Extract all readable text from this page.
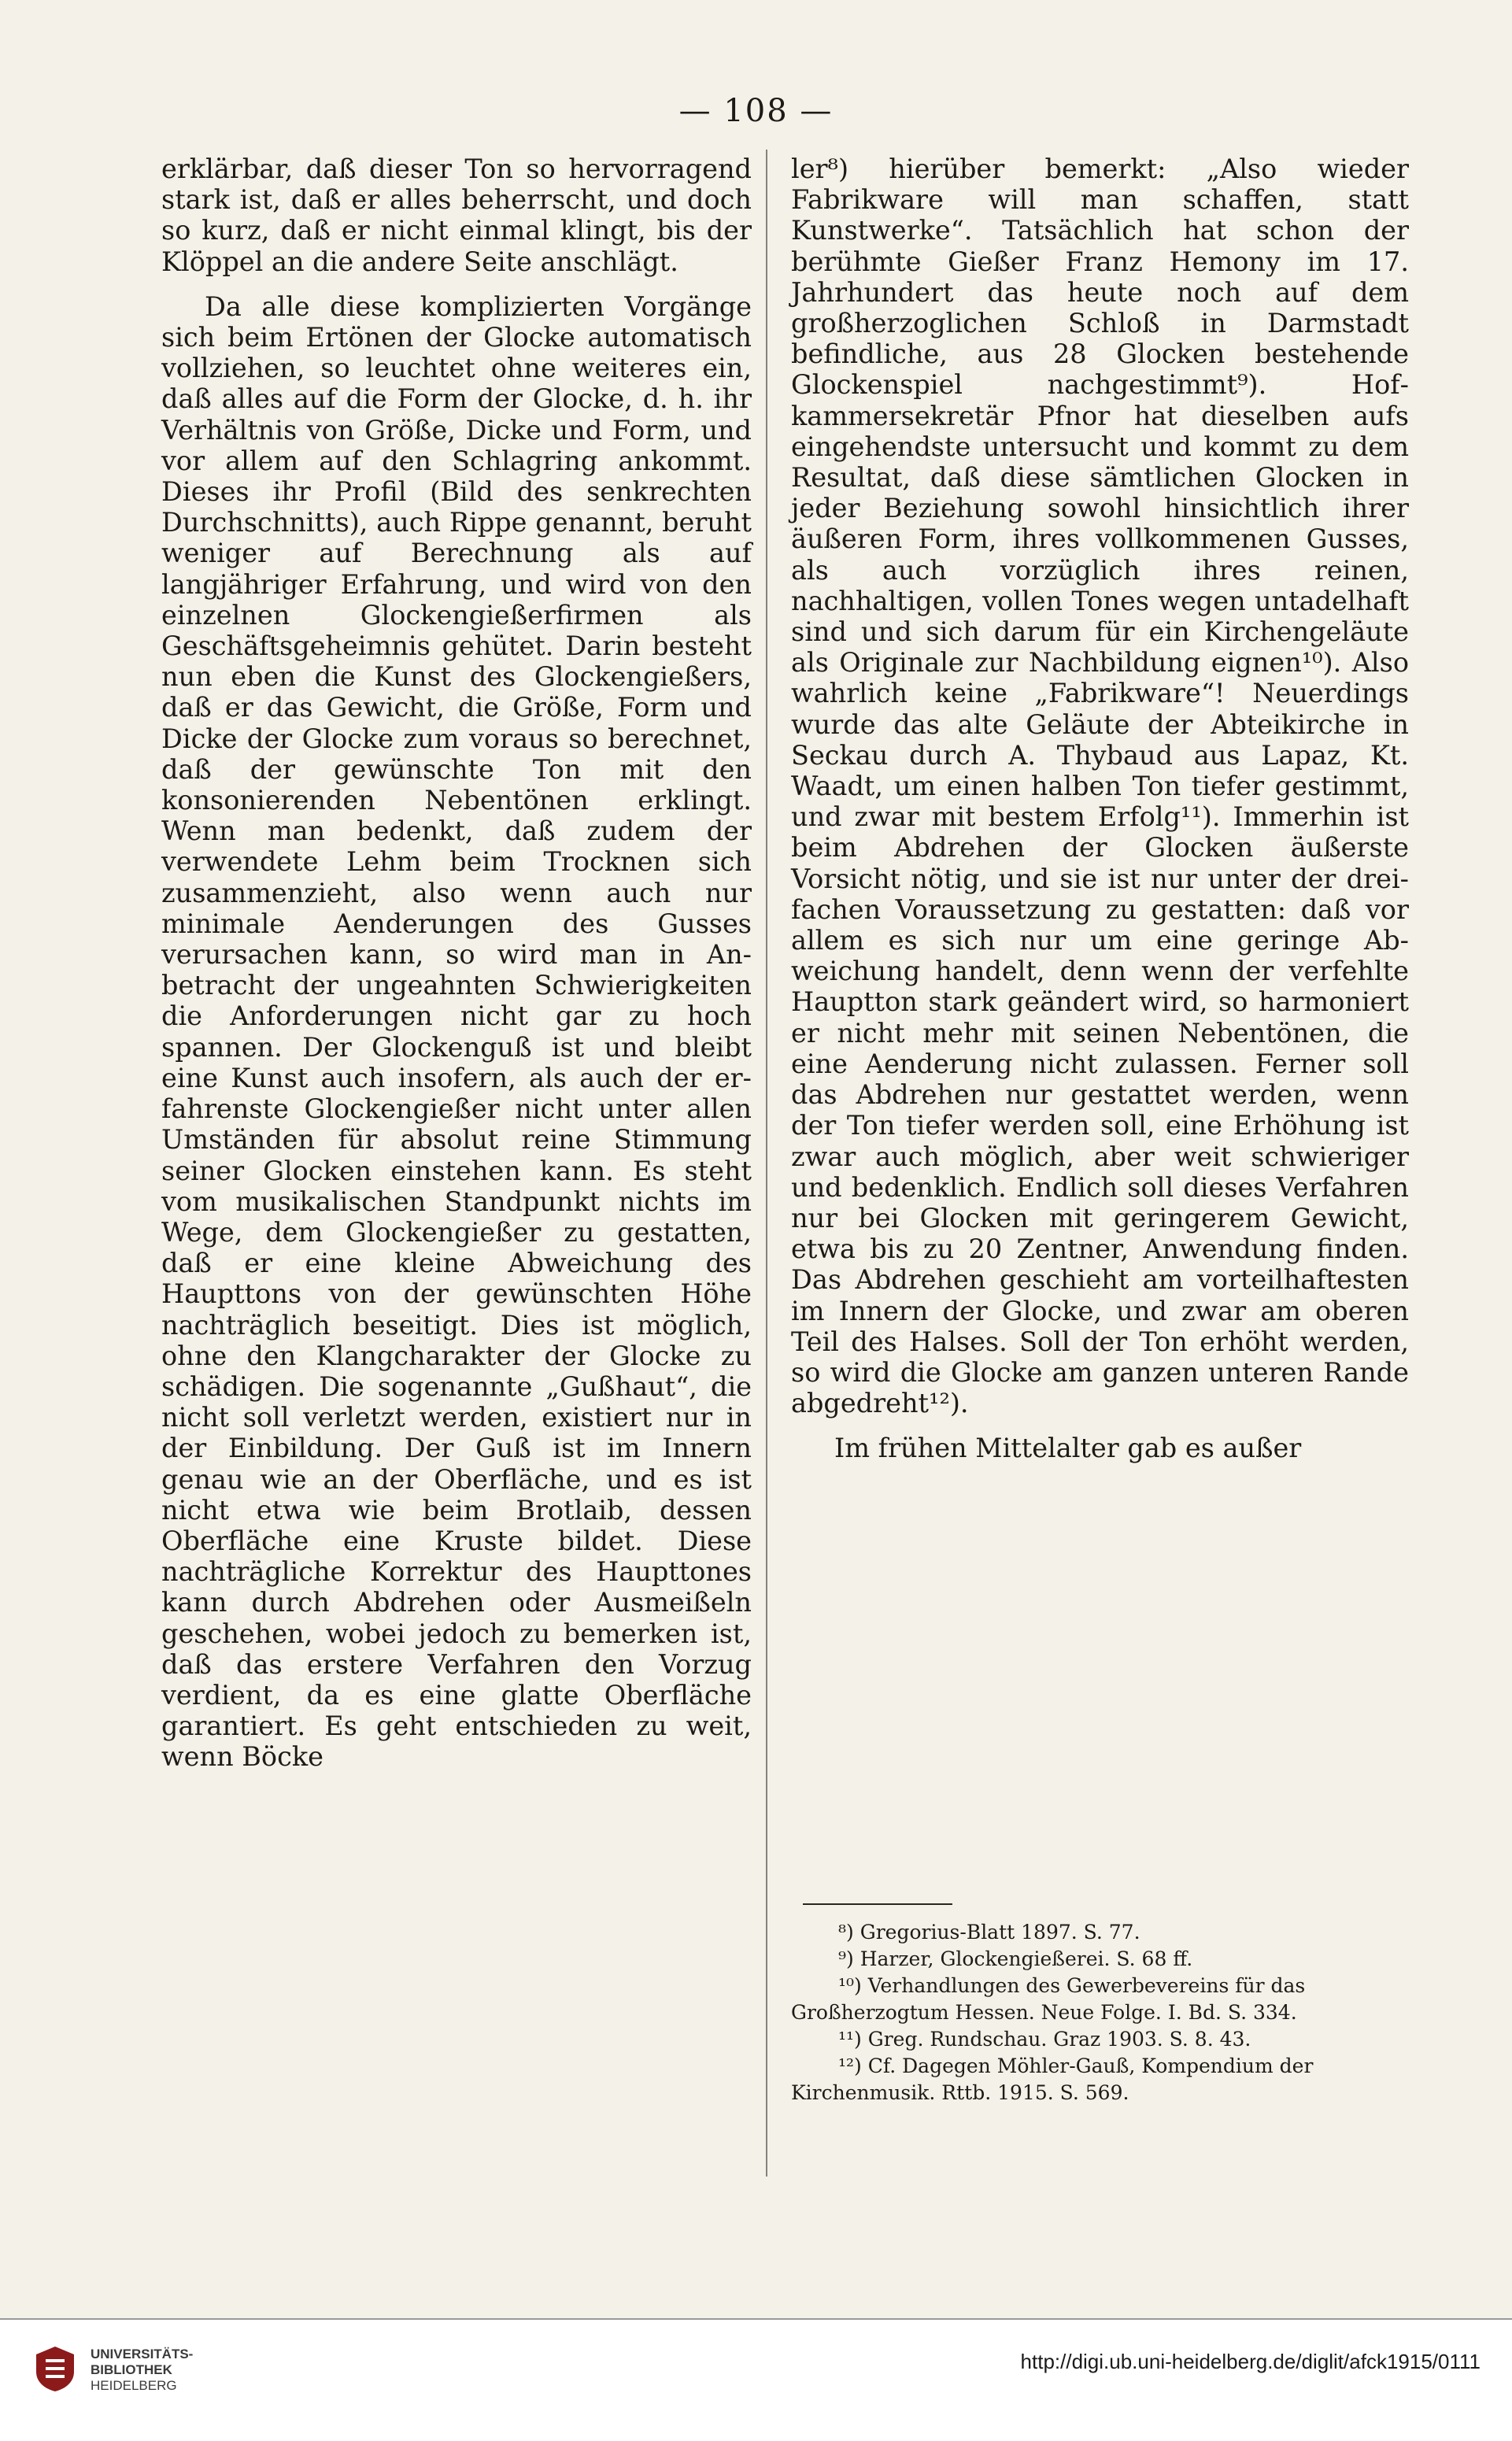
— 108 —

erklärbar, daß dieser Ton so hervorragend stark ist, daß er alles beherrscht, und doch so kurz, daß er nicht einmal klingt, bis der Klöppel an die andere Seite anschlägt.

Da alle diese komplizierten Vorgänge sich beim Ertönen der Glocke automatisch vollziehen, so leuchtet ohne weiteres ein, daß alles auf die Form der Glocke, d. h. ihr Verhältnis von Größe, Dicke und Form, und vor allem auf den Schlagring ankommt. Dieses ihr Profil (Bild des senkrechten Durchschnitts), auch Rippe genannt, beruht weniger auf Berechnung als auf langjähriger Erfahrung, und wird von den einzelnen Glockengießerfirmen als Geschäftsgeheimnis gehütet. Darin besteht nun eben die Kunst des Glockengießers, daß er das Gewicht, die Größe, Form und Dicke der Glocke zum voraus so berechnet, daß der gewünschte Ton mit den konsonierenden Nebentönen erklingt. Wenn man bedenkt, daß zudem der verwendete Lehm beim Trocknen sich zusammenzieht, also wenn auch nur minimale Aenderungen des Gusses verursachen kann, so wird man in Anbetracht der ungeahnten Schwierigkeiten die Anforderungen nicht gar zu hoch spannen. Der Glockenguß ist und bleibt eine Kunst auch insofern, als auch der erfahrenste Glockengießer nicht unter allen Umständen für absolut reine Stimmung seiner Glocken einstehen kann. Es steht vom musikalischen Standpunkt nichts im Wege, dem Glockengießer zu gestatten, daß er eine kleine Abweichung des Haupttons von der gewünschten Höhe nachträglich beseitigt. Dies ist möglich, ohne den Klangcharakter der Glocke zu schädigen. Die sogenannte „Gußhaut“, die nicht soll verletzt werden, existiert nur in der Einbildung. Der Guß ist im Innern genau wie an der Oberfläche, und es ist nicht etwa wie beim Brotlaib, dessen Oberfläche eine Kruste bildet. Diese nachträgliche Korrektur des Haupttones kann durch Abdrehen oder Ausmeißeln geschehen, wobei jedoch zu bemerken ist, daß das erstere Verfahren den Vorzug verdient, da es eine glatte Oberfläche garantiert. Es geht entschieden zu weit, wenn Böcke

ler⁸) hierüber bemerkt: „Also wieder Fabrikware will man schaffen, statt Kunstwerke“. Tatsächlich hat schon der berühmte Gießer Franz Hemony im 17. Jahrhundert das heute noch auf dem großherzoglichen Schloß in Darmstadt befindliche, aus 28 Glocken bestehende Glockenspiel nachgestimmt⁹). Hofkammersekretär Pfnor hat dieselben aufs eingehendste untersucht und kommt zu dem Resultat, daß diese sämtlichen Glocken in jeder Beziehung sowohl hinsichtlich ihrer äußeren Form, ihres vollkommenen Gusses, als auch vorzüglich ihres reinen, nachhaltigen, vollen Tones wegen untadelhaft sind und sich darum für ein Kirchengeläute als Originale zur Nachbildung eignen¹⁰). Also wahrlich keine „Fabrikware“! Neuerdings wurde das alte Geläute der Abteikirche in Seckau durch A. Thybaud aus Lapaz, Kt. Waadt, um einen halben Ton tiefer gestimmt, und zwar mit bestem Erfolg¹¹). Immerhin ist beim Abdrehen der Glocken äußerste Vorsicht nötig, und sie ist nur unter der dreifachen Voraussetzung zu gestatten: daß vor allem es sich nur um eine geringe Abweichung handelt, denn wenn der verfehlte Hauptton stark geändert wird, so harmoniert er nicht mehr mit seinen Nebentönen, die eine Aenderung nicht zulassen. Ferner soll das Abdrehen nur gestattet werden, wenn der Ton tiefer werden soll, eine Erhöhung ist zwar auch möglich, aber weit schwieriger und bedenklich. Endlich soll dieses Verfahren nur bei Glocken mit geringerem Gewicht, etwa bis zu 20 Zentner, Anwendung finden. Das Abdrehen geschieht am vorteilhaftesten im Innern der Glocke, und zwar am oberen Teil des Halses. Soll der Ton erhöht werden, so wird die Glocke am ganzen unteren Rande abgedreht¹²).

Im frühen Mittelalter gab es außer

⁸) Gregorius-Blatt 1897. S. 77.
⁹) Harzer, Glockengießerei. S. 68 ff.
¹⁰) Verhandlungen des Gewerbevereins für das Großherzogtum Hessen. Neue Folge. I. Bd. S. 334.
¹¹) Greg. Rundschau. Graz 1903. S. 8. 43.
¹²) Cf. Dagegen Möhler-Gauß, Kompendium der Kirchenmusik. Rttb. 1915. S. 569.
UNIVERSITÄTS-
BIBLIOTHEK
HEIDELBERG
http://digi.ub.uni-heidelberg.de/diglit/afck1915/0111
